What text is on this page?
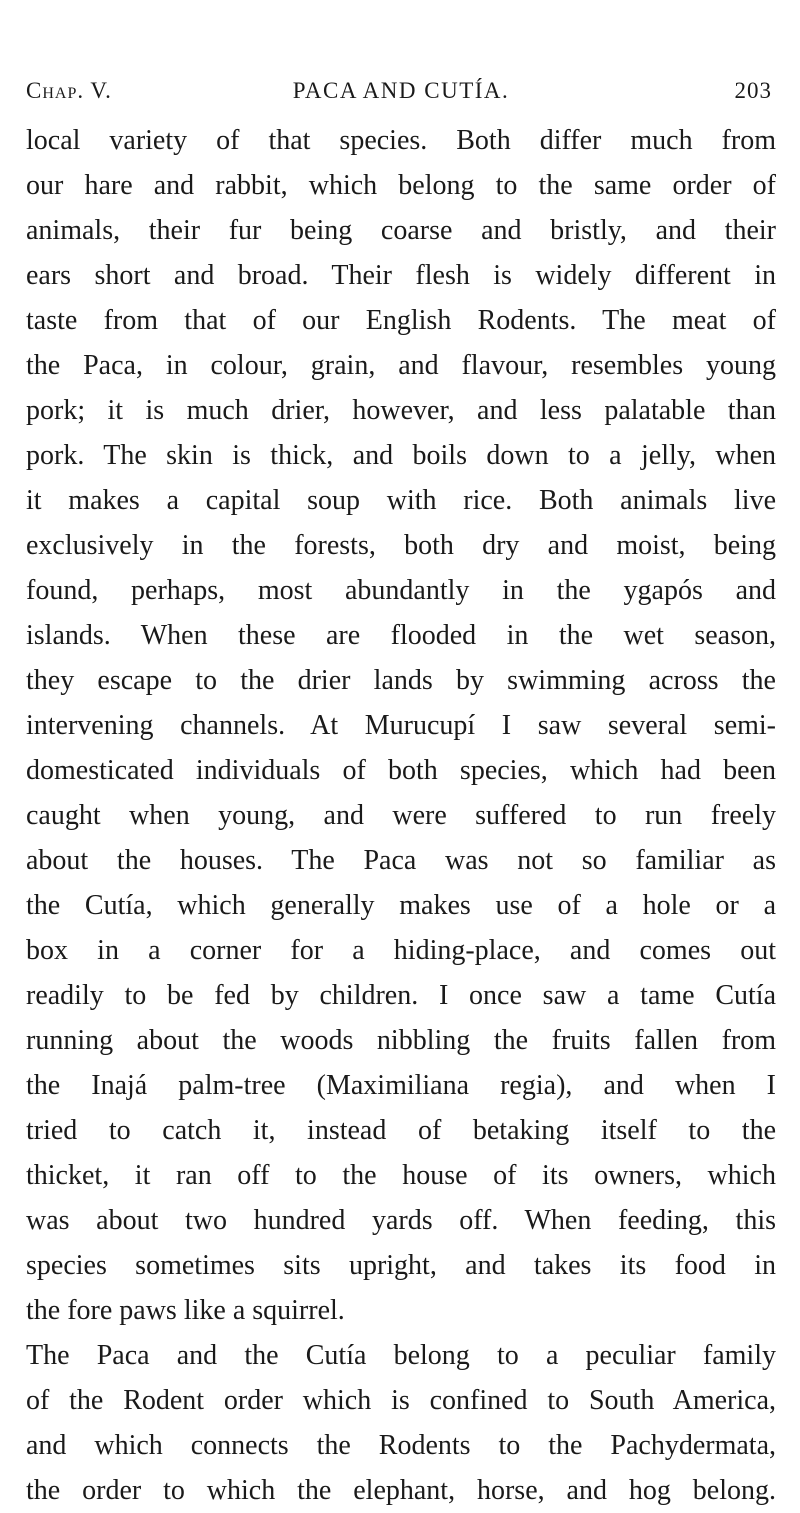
Chap. V.	PACA AND CUTÍA.	203
local variety of that species. Both differ much from
our hare and rabbit, which belong to the same order of
animals, their fur being coarse and bristly, and their
ears short and broad. Their flesh is widely different in
taste from that of our English Rodents. The meat of
the Paca, in colour, grain, and flavour, resembles young
pork; it is much drier, however, and less palatable than
pork. The skin is thick, and boils down to a jelly, when
it makes a capital soup with rice. Both animals live
exclusively in the forests, both dry and moist, being
found, perhaps, most abundantly in the ygapós and
islands. When these are flooded in the wet season,
they escape to the drier lands by swimming across the
intervening channels. At Murucupí I saw several semi-
domesticated individuals of both species, which had been
caught when young, and were suffered to run freely
about the houses. The Paca was not so familiar as
the Cutía, which generally makes use of a hole or a
box in a corner for a hiding-place, and comes out
readily to be fed by children. I once saw a tame Cutía
running about the woods nibbling the fruits fallen from
the Inajá palm-tree (Maximiliana regia), and when I
tried to catch it, instead of betaking itself to the
thicket, it ran off to the house of its owners, which
was about two hundred yards off. When feeding, this
species sometimes sits upright, and takes its food in
the fore paws like a squirrel.
The Paca and the Cutía belong to a peculiar family
of the Rodent order which is confined to South America,
and which connects the Rodents to the Pachydermata,
the order to which the elephant, horse, and hog belong.
